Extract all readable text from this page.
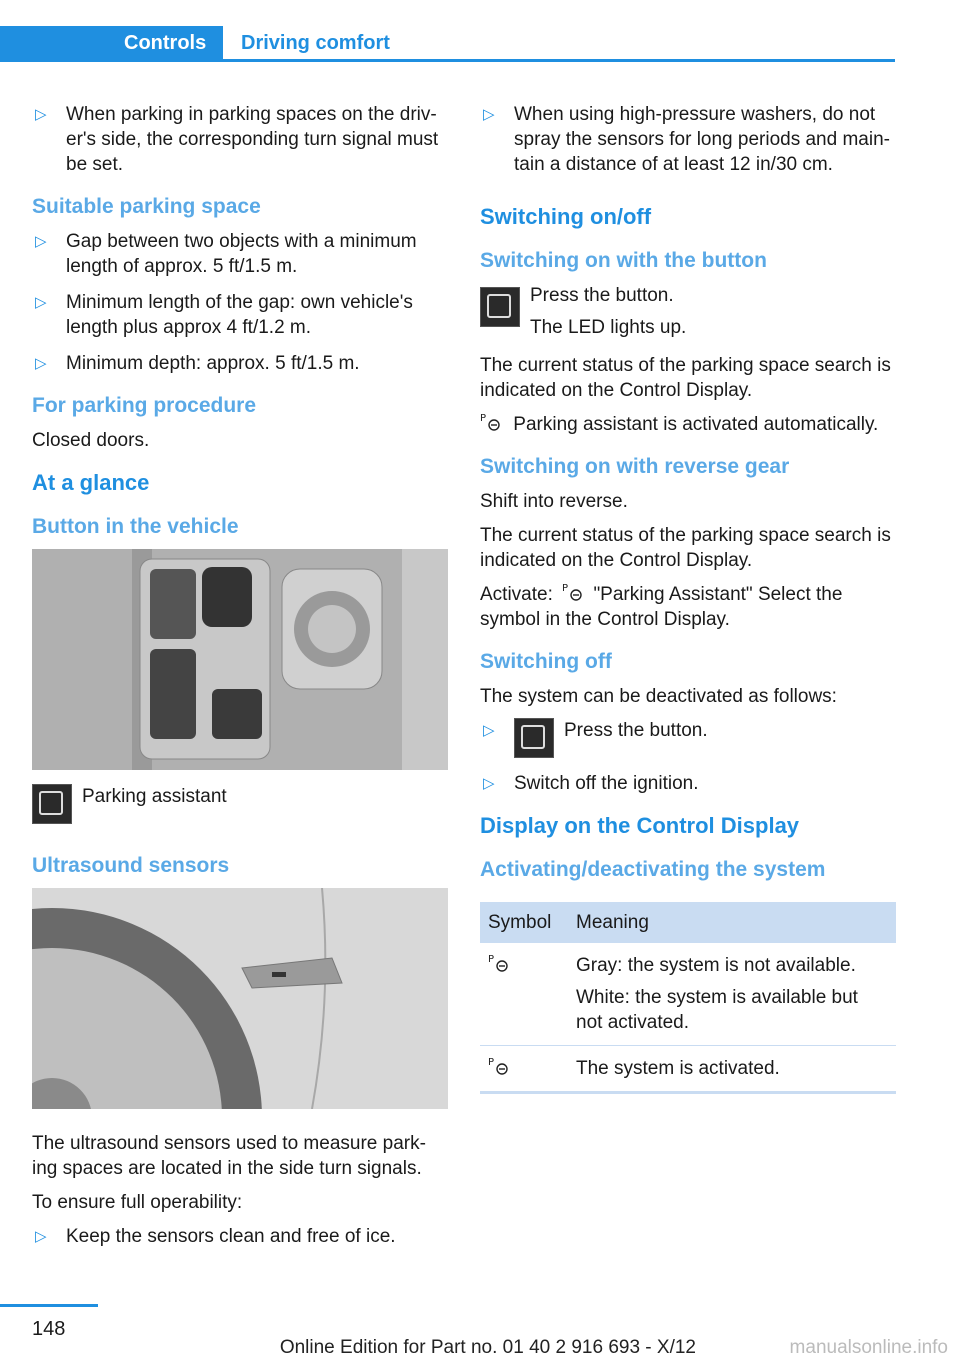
Controls Driving comfort
▷ When parking in parking spaces on the driv-er's side, the corresponding turn signal must be set.
Suitable parking space
▷ Gap between two objects with a minimum length of approx. 5 ft/1.5 m.
▷ Minimum length of the gap: own vehicle's length plus approx 4 ft/1.2 m.
▷ Minimum depth: approx. 5 ft/1.5 m.
For parking procedure
Closed doors.
At a glance
Button in the vehicle
Parking assistant
Ultrasound sensors
The ultrasound sensors used to measure park-ing spaces are located in the side turn signals.
To ensure full operability:
▷ Keep the sensors clean and free of ice.
▷ When using high-pressure washers, do not spray the sensors for long periods and main-tain a distance of at least 12 in/30 cm.
Switching on/off
Switching on with the button
Press the button.
The LED lights up.
The current status of the parking space search is indicated on the Control Display.
P Parking assistant is activated automatically.
Switching on with reverse gear
Shift into reverse.
The current status of the parking space search is indicated on the Control Display.
Activate: P "Parking Assistant" Select the symbol in the Control Display.
Switching off
The system can be deactivated as follows:
▷	Press the button.
▷ Switch off the ignition.
Display on the Control Display
Activating/deactivating the system
Symbol	Meaning

P	Gray: the system is not available.
White: the system is available but not activated.

P	The system is activated.
148
Online Edition for Part no. 01 40 2 916 693 - X/12	manualsonline.info
